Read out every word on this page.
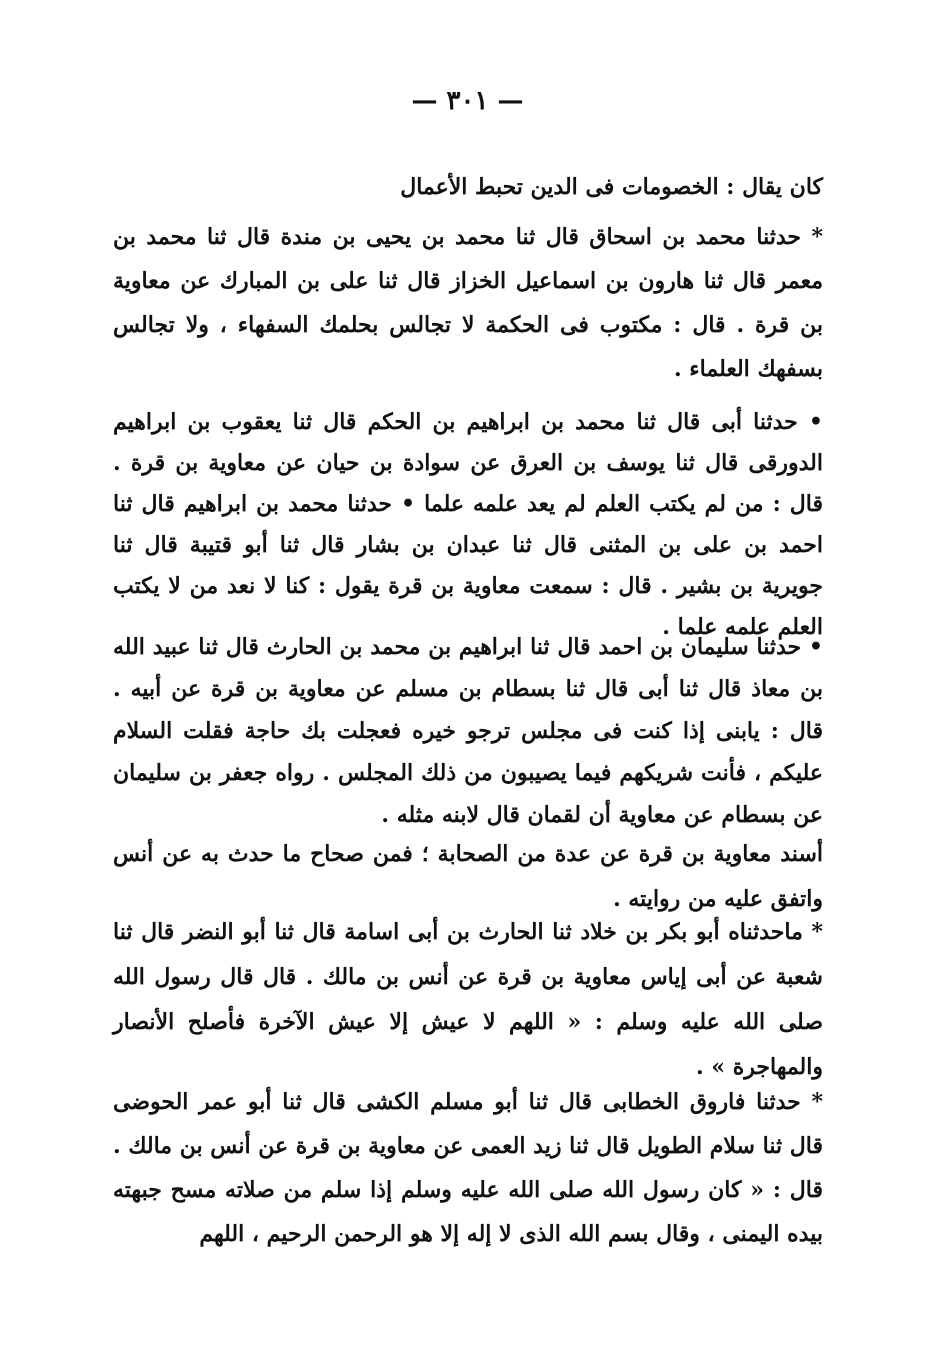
— ٣٠١ —

كان يقال : الخصومات فى الدين تحبط الأعمال

* حدثنا محمد بن اسحاق قال ثنا محمد بن يحيى بن مندة قال ثنا محمد بن معمر قال ثنا هارون بن اسماعيل الخزاز قال ثنا على بن المبارك عن معاوية بن قرة . قال : مكتوب فى الحكمة لا تجالس بحلمك السفهاء ، ولا تجالس بسفهك العلماء .

• حدثنا أبى قال ثنا محمد بن ابراهيم بن الحكم قال ثنا يعقوب بن ابراهيم الدورقى قال ثنا يوسف بن العرق عن سوادة بن حيان عن معاوية بن قرة . قال : من لم يكتب العلم لم يعد علمه علما • حدثنا محمد بن ابراهيم قال ثنا احمد بن على بن المثنى قال ثنا عبدان بن بشار قال ثنا أبو قتيبة قال ثنا جويرية بن بشير . قال : سمعت معاوية بن قرة يقول : كنا لا نعد من لا يكتب العلم علمه علما .

• حدثنا سليمان بن احمد قال ثنا ابراهيم بن محمد بن الحارث قال ثنا عبيد الله بن معاذ قال ثنا أبى قال ثنا بسطام بن مسلم عن معاوية بن قرة عن أبيه . قال : يابنى إذا كنت فى مجلس ترجو خيره فعجلت بك حاجة فقلت السلام عليكم ، فأنت شريكهم فيما يصيبون من ذلك المجلس . رواه جعفر بن سليمان عن بسطام عن معاوية أن لقمان قال لابنه مثله .

أسند معاوية بن قرة عن عدة من الصحابة ؛ فمن صحاح ما حدث به عن أنس واتفق عليه من روايته .

* ماحدثناه أبو بكر بن خلاد ثنا الحارث بن أبى اسامة قال ثنا أبو النضر قال ثنا شعبة عن أبى إياس معاوية بن قرة عن أنس بن مالك . قال قال رسول الله صلى الله عليه وسلم : « اللهم لا عيش إلا عيش الآخرة فأصلح الأنصار والمهاجرة » .

* حدثنا فاروق الخطابى قال ثنا أبو مسلم الكشى قال ثنا أبو عمر الحوضى قال ثنا سلام الطويل قال ثنا زيد العمى عن معاوية بن قرة عن أنس بن مالك . قال : « كان رسول الله صلى الله عليه وسلم إذا سلم من صلاته مسح جبهته بيده اليمنى ، وقال بسم الله الذى لا إله إلا هو الرحمن الرحيم ، اللهم
